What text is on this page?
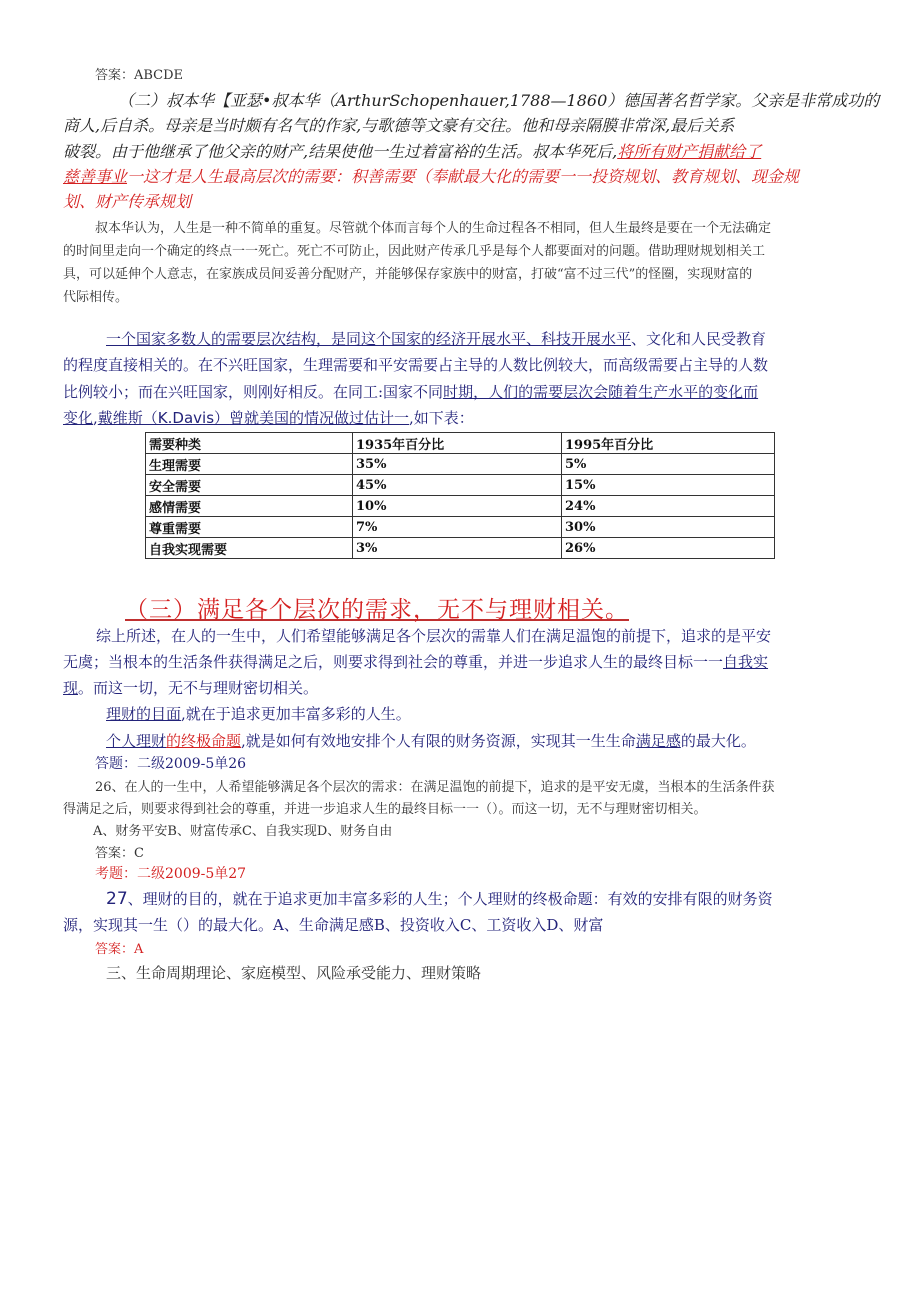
答案：ABCDE
（二）叔本华【亚瑟•叔本华（ArthurSchopenhauer,1788—1860）德国著名哲学家。父亲是非常成功的
商人,后自杀。母亲是当时颇有名气的作家,与歌德等文豪有交往。他和母亲隔膜非常深,最后关系
破裂。由于他继承了他父亲的财产,结果使他一生过着富裕的生活。叔本华死后,将所有财产捐献给了
慈善事业一这才是人生最高层次的需要：积善需要（奉献最大化的需要一一投资规划、教育规划、现金规
划、财产传承规划
叔本华认为，人生是一种不简单的重复。尽管就个体而言每个人的生命过程各不相同，但人生最终是要在一个无法确定
的时间里走向一个确定的终点一一死亡。死亡不可防止，因此财产传承几乎是每个人都要面对的问题。借助理财规划相关工
具，可以延伸个人意志，在家族成员间妥善分配财产，并能够保存家族中的财富，打破“富不过三代”的怪圈，实现财富的
代际相传。
一个国家多数人的需要层次结构，是同这个国家的经济开展水平、科技开展水平、文化和人民受教育
的程度直接相关的。在不兴旺国家，生理需要和平安需要占主导的人数比例较大，而高级需要占主导的人数
比例较小；而在兴旺国家，则刚好相反。在同工:国家不同时期，人们的需要层次会随着生产水平的变化而
变化,戴维斯（K.Davis）曾就美国的情况做过估计一,如下表：
需要种类	1935年百分比	1995年百分比
生理需要	35%	5%
安全需要	45%	15%
感情需要	10%	24%
尊重需要	7%	30%
自我实现需要	3%	26%
（三）满足各个层次的需求，无不与理财相关。
综上所述，在人的一生中，人们希望能够满足各个层次的需靠人们在满足温饱的前提下，追求的是平安
无虞；当根本的生活条件获得满足之后，则要求得到社会的尊重，并进一步追求人生的最终目标一一自我实
现。而这一切，无不与理财密切相关。
理财的目面,就在于追求更加丰富多彩的人生。
个人理财的终极命题,就是如何有效地安排个人有限的财务资源，实现其一生生命满足感的最大化。
答题：二级2009-5单26
26、在人的一生中，人希望能够满足各个层次的需求：在满足温饱的前提下，追求的是平安无虞，当根本的生活条件获
得满足之后，则要求得到社会的尊重，并进一步追求人生的最终目标一一（）。而这一切，无不与理财密切相关。
A、财务平安B、财富传承C、自我实现D、财务自由
答案：C
考题：二级2009-5单27
27、理财的目的，就在于追求更加丰富多彩的人生；个人理财的终极命题：有效的安排有限的财务资
源，实现其一生（）的最大化。A、生命满足感B、投资收入C、工资收入D、财富
答案：A
三、生命周期理论、家庭模型、风险承受能力、理财策略
